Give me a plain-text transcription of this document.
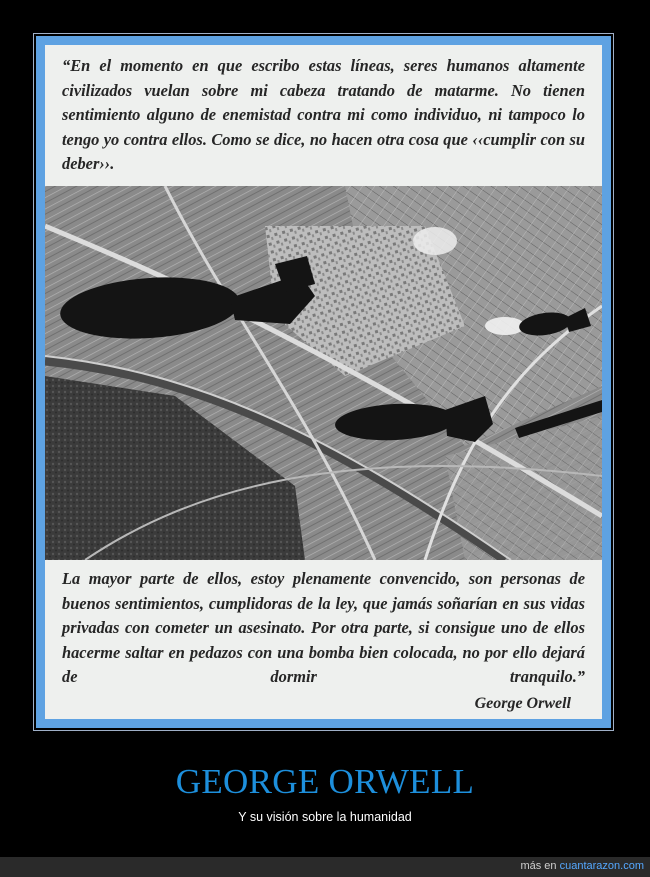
“En el momento en que escribo estas líneas, seres humanos altamente civilizados vuelan sobre mi cabeza tratando de matarme. No tienen sentimiento alguno de enemistad contra mi como individuo, ni tampoco lo tengo yo contra ellos. Como se dice, no hacen otra cosa que ‹‹cumplir con su deber››.

La mayor parte de ellos, estoy plenamente convencido, son personas de buenos sentimientos, cumplidoras de la ley, que jamás soñarían en sus vidas privadas con cometer un asesinato. Por otra parte, si consigue uno de ellos hacerme saltar en pedazos con una bomba bien colocada, no por ello dejará de dormir tranquilo.”

George Orwell
GEORGE ORWELL
Y su visión sobre la humanidad
más en cuantarazon.com
